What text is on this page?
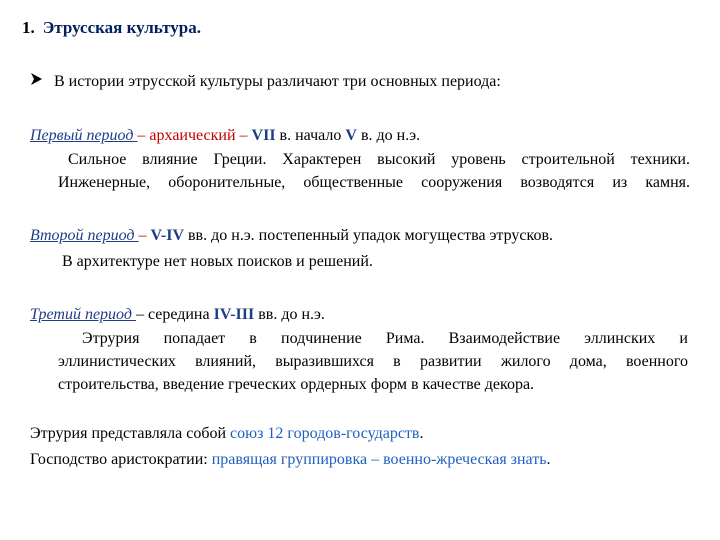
1. Этрусская культура.
В истории этрусской культуры различают три основных периода:
Первый период – архаический – VII в. начало V в. до н.э.
Сильное влияние Греции. Характерен высокий уровень строительной техники.
Инженерные, оборонительные, общественные сооружения возводятся из камня.
Второй период – V-IV вв. до н.э. постепенный упадок могущества этрусков.
В архитектуре нет новых поисков и решений.
Третий период – середина IV-III вв. до н.э.
Этрурия попадает в подчинение Рима. Взаимодействие эллинских и
эллинистических влияний, выразившихся в развитии жилого дома, военного
строительства, введение греческих ордерных форм в качестве декора.
Этрурия представляла собой союз 12 городов-государств.
Господство аристократии: правящая группировка – военно-жреческая знать.
